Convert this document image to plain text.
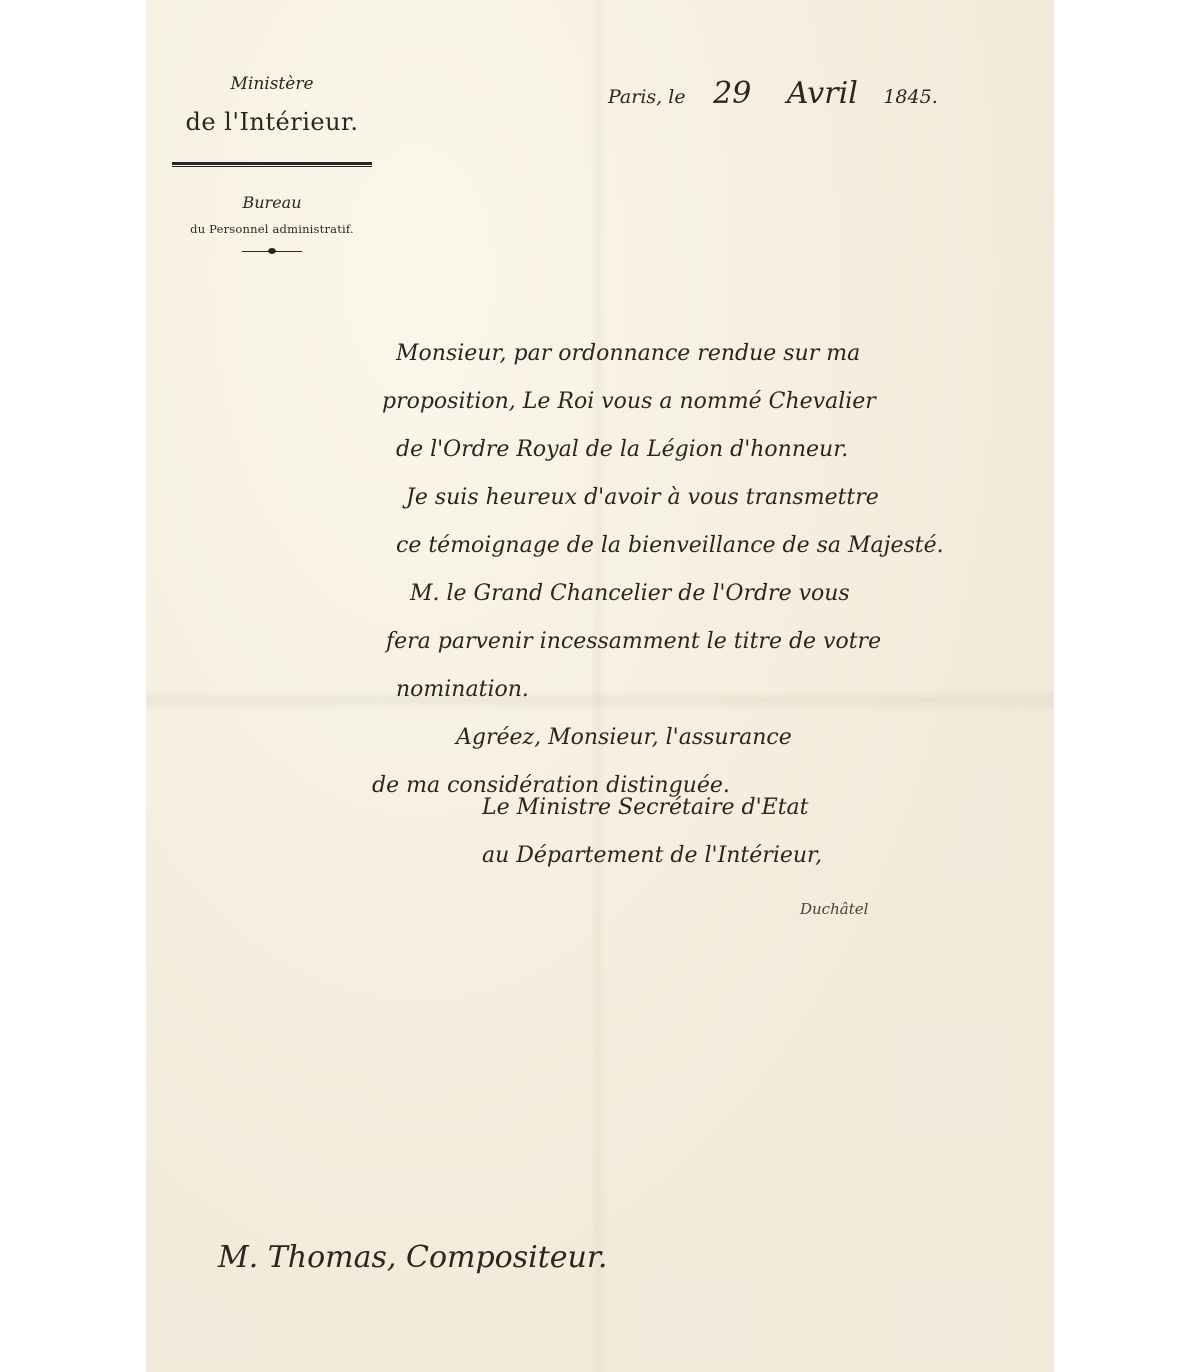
Ministère
de l'Intérieur.
Bureau
du Personnel administratif.
Paris, le 29 Avril 1845.
Monsieur, par ordonnance rendue sur ma
proposition, Le Roi vous a nommé Chevalier
de l'Ordre Royal de la Légion d'honneur.
Je suis heureux d'avoir à vous transmettre
ce témoignage de la bienveillance de sa Majesté.
M. le Grand Chancelier de l'Ordre vous
fera parvenir incessamment le titre de votre
nomination.
Agréez, Monsieur, l'assurance
de ma considération distinguée.
Le Ministre Secrétaire d'Etat
au Département de l'Intérieur,
Duchâtel
M. Thomas, Compositeur.
